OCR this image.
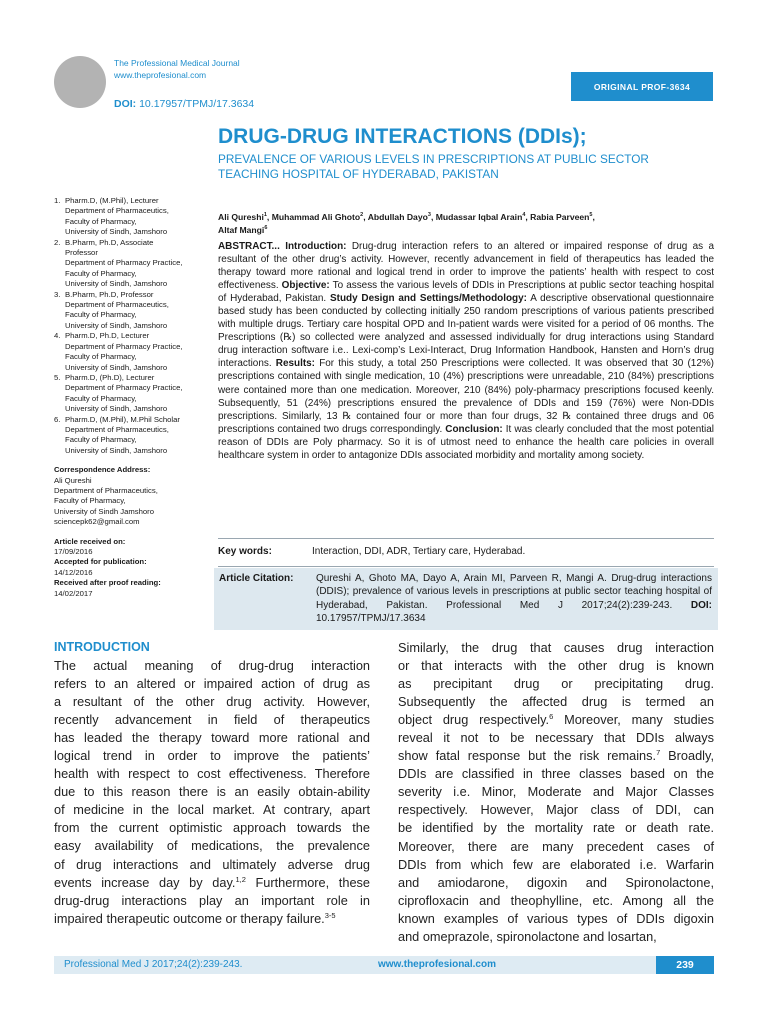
The Professional Medical Journal
www.theprofesional.com
DOI: 10.17957/TPMJ/17.3634
ORIGINAL PROF-3634
DRUG-DRUG INTERACTIONS (DDIs);
PREVALENCE OF VARIOUS LEVELS IN PRESCRIPTIONS AT PUBLIC SECTOR
TEACHING HOSPITAL OF HYDERABAD, PAKISTAN
1. Pharm.D, (M.Phil), Lecturer
Department of Pharmaceutics,
Faculty of Pharmacy,
University of Sindh, Jamshoro
2. B.Pharm, Ph.D, Associate
Professor
Department of Pharmacy Practice,
Faculty of Pharmacy,
University of Sindh, Jamshoro
3. B.Pharm, Ph.D, Professor
Department of Pharmaceutics,
Faculty of Pharmacy,
University of Sindh, Jamshoro
4. Pharm.D, Ph.D, Lecturer
Department of Pharmacy Practice,
Faculty of Pharmacy,
University of Sindh, Jamshoro
5. Pharm.D, (Ph.D), Lecturer
Department of Pharmacy Practice,
Faculty of Pharmacy,
University of Sindh, Jamshoro
6. Pharm.D, (M.Phil), M.Phil Scholar
Department of Pharmaceutics,
Faculty of Pharmacy,
University of Sindh, Jamshoro
Correspondence Address:
Ali Qureshi
Department of Pharmaceutics,
Faculty of Pharmacy,
University of Sindh Jamshoro
sciencepk62@gmail.com
Article received on:
17/09/2016
Accepted for publication:
14/12/2016
Received after proof reading:
14/02/2017
Ali Qureshi$^1$, Muhammad Ali Ghoto$^2$, Abdullah Dayo$^3$, Mudassar Iqbal Arain$^4$, Rabia Parveen$^5$,
Altaf Mangi$^6$
ABSTRACT... Introduction: Drug-drug interaction refers to an altered or impaired response of drug as a resultant of the other drug’s activity. However, recently advancement in field of therapeutics has leaded the therapy toward more rational and logical trend in order to improve the patients’ health with respect to cost effectiveness. Objective: To assess the various levels of DDIs in Prescriptions at public sector teaching hospital of Hyderabad, Pakistan. Study Design and Settings/Methodology: A descriptive observational questionnaire based study has been conducted by collecting initially 250 random prescriptions of various patients prescribed with multiple drugs. Tertiary care hospital OPD and In-patient wards were visited for a period of 06 months. The Prescriptions (℞) so collected were analyzed and assessed individually for drug interactions using Standard drug interaction software i.e.. Lexi-comp’s Lexi-Interact, Drug Information Handbook, Hansten and Horn’s drug interactions. Results: For this study, a total 250 Prescriptions were collected. It was observed that 30 (12%) prescriptions contained with single medication, 10 (4%) prescriptions were unreadable, 210 (84%) prescriptions were contained more than one medication. Moreover, 210 (84%) poly-pharmacy prescriptions focused keenly. Subsequently, 51 (24%) prescriptions ensured the prevalence of DDIs and 159 (76%) were Non-DDIs prescriptions. Similarly, 13 ℞ contained four or more than four drugs, 32 ℞ contained three drugs and 06 prescriptions contained two drugs correspondingly. Conclusion: It was clearly concluded that the most potential reason of DDIs are Poly pharmacy. So it is of utmost need to enhance the health care policies in overall healthcare system in order to antagonize DDIs associated morbidity and mortality among society.
Key words:	Interaction, DDI, ADR, Tertiary care, Hyderabad.
Article Citation: Qureshi A, Ghoto MA, Dayo A, Arain MI, Parveen R, Mangi A. Drug-drug interactions (DDIS); prevalence of various levels in prescriptions at public sector teaching hospital of Hyderabad, Pakistan. Professional Med J 2017;24(2):239-243. DOI: 10.17957/TPMJ/17.3634
INTRODUCTION
The actual meaning of drug-drug interaction
refers to an altered or impaired action of drug as
a resultant of the other drug activity. However,
recently advancement in field of therapeutics
has leaded the therapy toward more rational and
logical trend in order to improve the patients’
health with respect to cost effectiveness. Therefore
due to this reason there is an easily obtain-ability
of medicine in the local market. At contrary, apart
from the current optimistic approach towards the
easy availability of medications, the prevalence
of drug interactions and ultimately adverse drug
events increase day by day.$^{1,2}$ Furthermore, these
drug-drug interactions play an important role in
impaired therapeutic outcome or therapy failure.$^{3-5}$
Similarly, the drug that causes drug interaction
or that interacts with the other drug is known
as precipitant drug or precipitating drug.
Subsequently the affected drug is termed an
object drug respectively.$^6$ Moreover, many studies
reveal it not to be necessary that DDIs always
show fatal response but the risk remains.$^7$ Broadly,
DDIs are classified in three classes based on the
severity i.e. Minor, Moderate and Major Classes
respectively. However, Major class of DDI, can
be identified by the mortality rate or death rate.
Moreover, there are many precedent cases of
DDIs from which few are elaborated i.e. Warfarin
and amiodarone, digoxin and Spironolactone,
ciprofloxacin and theophylline, etc. Among all the
known examples of various types of DDIs digoxin
and omeprazole, spironolactone and losartan,
Professional Med J 2017;24(2):239-243.	www.theprofesional.com	239
